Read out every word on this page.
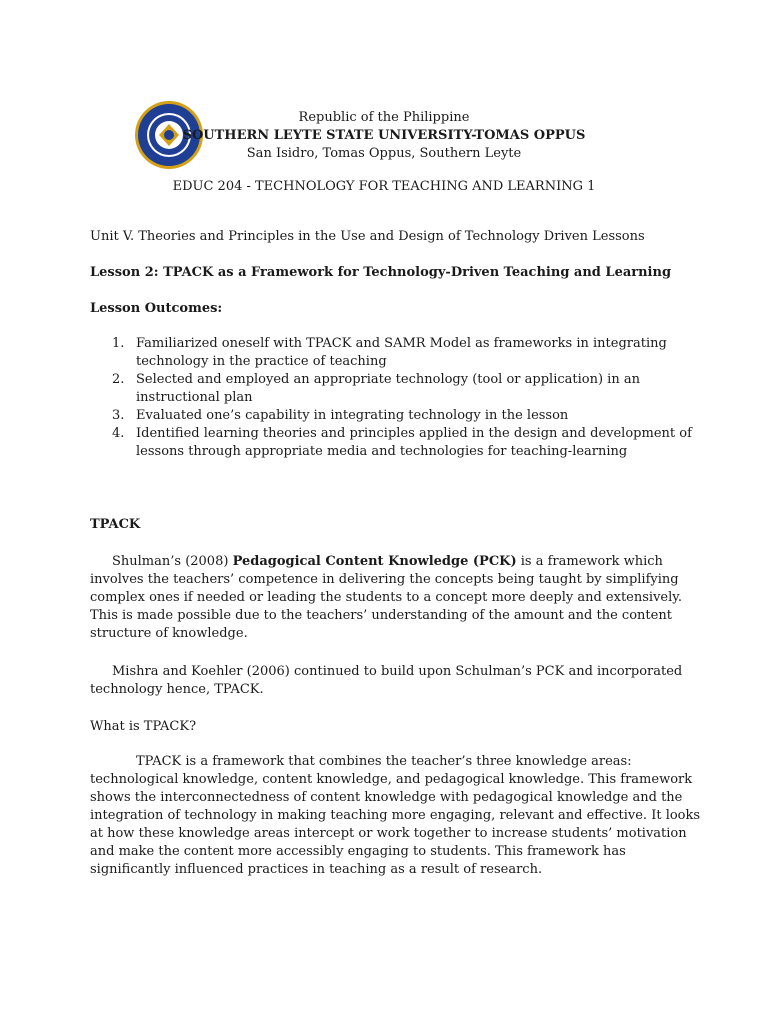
Republic of the Philippine
SOUTHERN LEYTE STATE UNIVERSITY-TOMAS OPPUS
San Isidro, Tomas Oppus, Southern Leyte
EDUC 204 - TECHNOLOGY FOR TEACHING AND LEARNING 1
Unit V. Theories and Principles in the Use and Design of Technology Driven Lessons
Lesson 2: TPACK as a Framework for Technology-Driven Teaching and Learning
Lesson Outcomes:
1. Familiarized oneself with TPACK and SAMR Model as frameworks in integrating
technology in the practice of teaching
2. Selected and employed an appropriate technology (tool or application) in an
instructional plan
3. Evaluated one’s capability in integrating technology in the lesson
4. Identified learning theories and principles applied in the design and development of
lessons through appropriate media and technologies for teaching-learning
TPACK
Shulman’s (2008) Pedagogical Content Knowledge (PCK) is a framework which
involves the teachers’ competence in delivering the concepts being taught by simplifying
complex ones if needed or leading the students to a concept more deeply and extensively.
This is made possible due to the teachers’ understanding of the amount and the content
structure of knowledge.
Mishra and Koehler (2006) continued to build upon Schulman’s PCK and incorporated
technology hence, TPACK.
What is TPACK?
TPACK is a framework that combines the teacher’s three knowledge areas:
technological knowledge, content knowledge, and pedagogical knowledge. This framework
shows the interconnectedness of content knowledge with pedagogical knowledge and the
integration of technology in making teaching more engaging, relevant and effective. It looks
at how these knowledge areas intercept or work together to increase students’ motivation
and make the content more accessibly engaging to students. This framework has
significantly influenced practices in teaching as a result of research.
